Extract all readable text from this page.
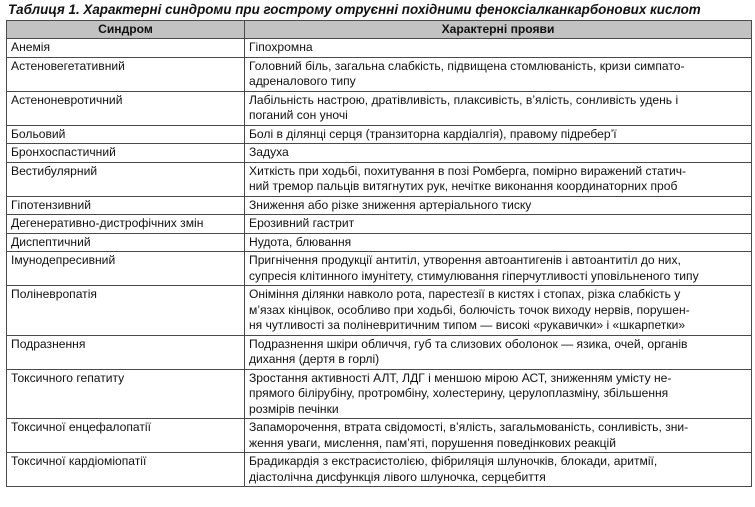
Таблиця 1. Характерні синдроми при гострому отруєнні похідними феноксіалканкарбонових кислот
Синдром	Характерні прояви
Анемія	Гіпохромна

Астеновегетативний	Головний біль, загальна слабкість, підвищена стомлюваність, кризи симпато-
адреналового типу

Астеноневротичний	Лабільність настрою, дратівливість, плаксивість, в’ялість, сонливість удень і
поганий сон уночі

Больовий	Болі в ділянці серця (транзиторна кардіалгія), правому підребер’ї

Бронхоспастичний	Задуха

Вестибулярний	Хиткість при ходьбі, похитування в позі Ромберга, помірно виражений статич-
ний тремор пальців витягнутих рук, нечітке виконання координаторних проб

Гіпотензивний	Зниження або різке зниження артеріального тиску

Дегенеративно-дистрофічних змін	Ерозивний гастрит

Диспептичний	Нудота, блювання

Імунодепресивний	Пригнічення продукції антитіл, утворення автоантигенів і автоантитіл до них,
супресія клітинного імунітету, стимулювання гіперчутливості уповільненого типу

Поліневропатія	Оніміння ділянки навколо рота, парестезії в кистях і стопах, різка слабкість у
м’язах кінцівок, особливо при ходьбі, болючість точок виходу нервів, порушен-
ня чутливості за поліневритичним типом — високі «рукавички» і «шкарпетки»

Подразнення	Подразнення шкіри обличчя, губ та слизових оболонок — язика, очей, органів
дихання (дертя в горлі)

Токсичного гепатиту	Зростання активності АЛТ, ЛДГ і меншою мірою АСТ, зниженням умісту не-
прямого білірубіну, протромбіну, холестерину, церулоплазміну, збільшення
розмірів печінки

Токсичної енцефалопатії	Запаморочення, втрата свідомості, в’ялість, загальмованість, сонливість, зни-
ження уваги, мислення, пам’яті, порушення поведінкових реакцій

Токсичної кардіоміопатії	Брадикардія з екстрасистолією, фібриляція шлуночків, блокади, аритмії,
діастолічна дисфункція лівого шлуночка, серцебиття
